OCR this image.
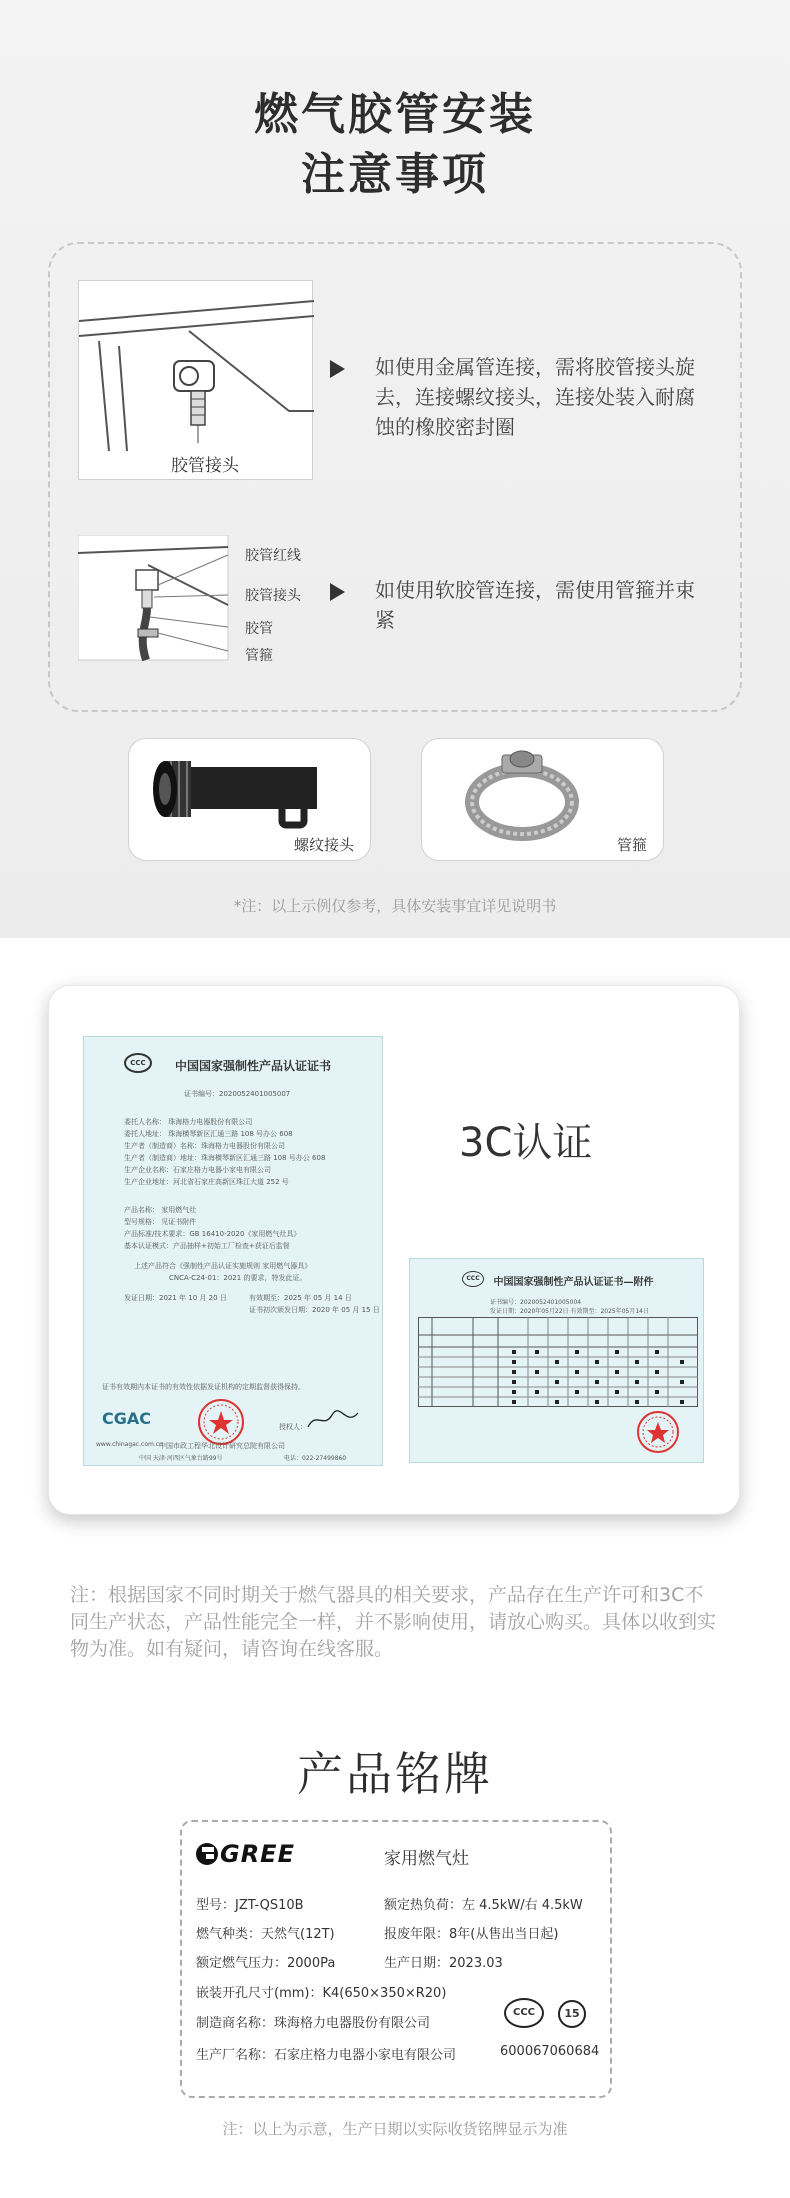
燃气胶管安装
注意事项
胶管接头
如使用金属管连接，需将胶管接头旋去，连接螺纹接头，连接处装入耐腐蚀的橡胶密封圈
胶管红线
胶管接头
胶管
管箍
如使用软胶管连接，需使用管箍并束紧
螺纹接头	管箍
*注：以上示例仅参考，具体安装事宜详见说明书
CCC	中国国家强制性产品认证证书
证书编号：2020052401005007
委托人名称： 珠海格力电器股份有限公司
委托人地址： 珠海横琴新区汇通三路 108 号办公 608
生产者（制造商）名称：珠海格力电器股份有限公司
生产者（制造商）地址：珠海横琴新区汇通三路 108 号办公 608
生产企业名称：石家庄格力电器小家电有限公司
生产企业地址：河北省石家庄高新区珠江大道 252 号
产品名称： 家用燃气灶
型号规格： 见证书附件
产品标准/技术要求：GB 16410-2020《家用燃气灶具》
基本认证模式：产品抽样+初始工厂检查+获证后监督
上述产品符合《强制性产品认证实施规则 家用燃气器具》
CNCA-C24-01：2021 的要求，特发此证。
发证日期：2021 年 10 月 20 日	有效期至：2025 年 05 月 14 日
证书初次颁发日期：2020 年 05 月 15 日
证书有效期内本证书的有效性依据发证机构的定期监督获得保持。
CGAC	授权人：
中国市政工程华北设计研究总院有限公司
www.chinagac.com.cn
中国 天津·河西区气象台路99号	电话：022-27499860
3C认证
CCC	中国国家强制性产品认证证书—附件
证书编号：2020052401005004
发证日期：2020年05月22日 有效期至：2025年05月14日
注：根据国家不同时期关于燃气器具的相关要求，产品存在生产许可和3C不同生产状态，产品性能完全一样，并不影响使用，请放心购买。具体以收到实物为准。如有疑问，请咨询在线客服。
产品铭牌
GREE	家用燃气灶
型号：JZT-QS10B	额定热负荷：左 4.5kW/右 4.5kW
燃气种类：天然气(12T)	报废年限：8年(从售出当日起)
额定燃气压力：2000Pa	生产日期：2023.03
嵌装开孔尺寸(mm)：K4(650×350×R20)
制造商名称：珠海格力电器股份有限公司
生产厂名称：石家庄格力电器小家电有限公司
CCC	15
600067060684
注：以上为示意，生产日期以实际收货铭牌显示为准
